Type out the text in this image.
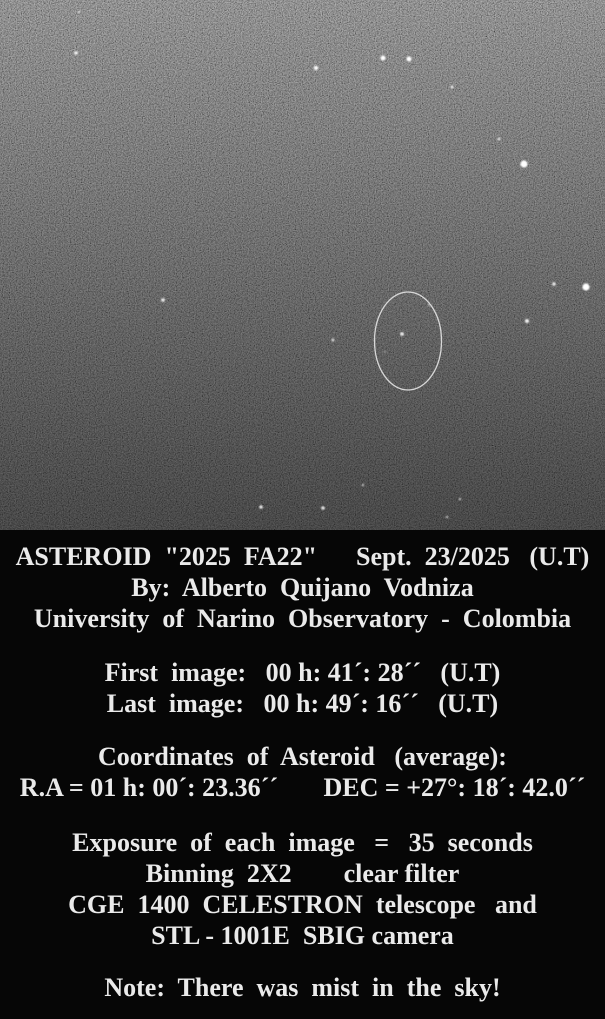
ASTEROID  "2025  FA22"      Sept.  23/2025   (U.T)
By:  Alberto  Quijano  Vodniza
University  of  Narino  Observatory  -  Colombia
First  image:   00 h: 41´: 28´´   (U.T)
Last  image:   00 h: 49´: 16´´   (U.T)
Coordinates  of  Asteroid   (average):
R.A = 01 h: 00´: 23.36´´       DEC = +27°: 18´: 42.0´´
Exposure  of  each  image   =   35  seconds
Binning  2X2        clear filter
CGE  1400  CELESTRON  telescope   and
STL - 1001E  SBIG camera
Note:  There  was  mist  in  the  sky!
